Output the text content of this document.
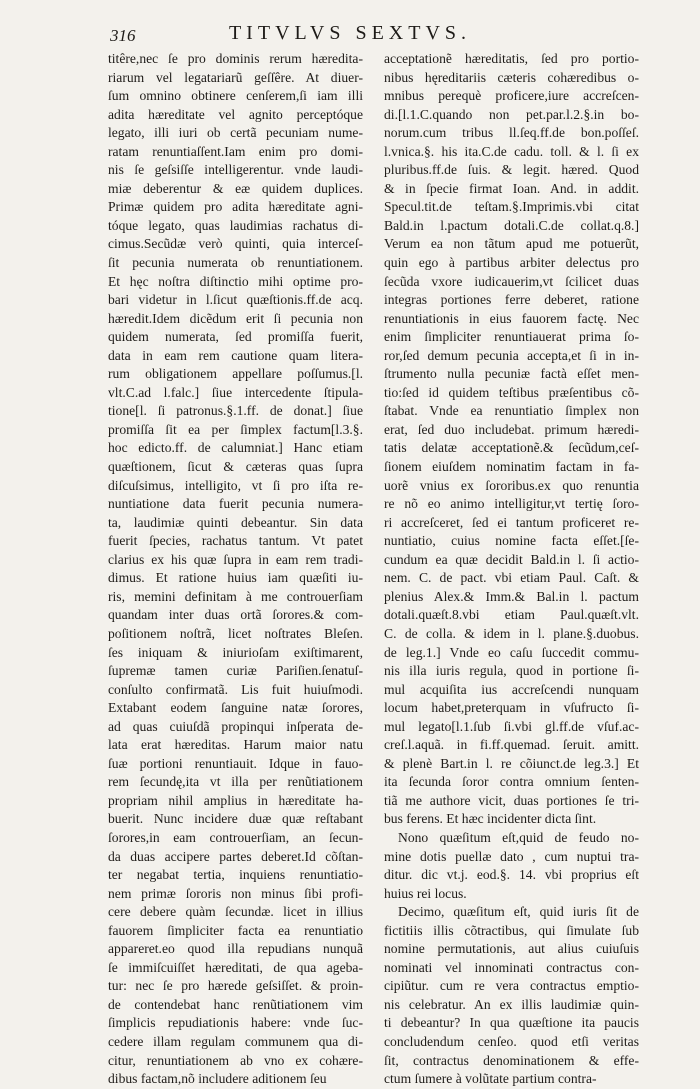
316	TITVLVS SEXTVS.
titêre,nec ſe pro dominis rerum hæredita-
riarum vel legatariarũ geſſêre. At diuer-
ſum omnino obtinere cenſerem,ſi iam illi
adita hæreditate vel agnito perceptóque
legato, illi iuri ob certã pecuniam nume-
ratam renuntiaſſent.Iam enim pro domi-
nis ſe geſsiſſe intelligerentur. vnde laudi-
miæ deberentur & eæ quidem duplices.
Primæ quidem pro adita hæreditate agni-
tóque legato, quas laudimias rachatus di-
cimus.Secũdæ verò quinti, quia interceſ-
ſit pecunia numerata ob renuntiationem.
Et hęc noſtra diſtinctio mihi optime pro-
bari videtur in l.ſicut quæſtionis.ff.de acq.
hæredit.Idem dicẽdum erit ſi pecunia non
quidem numerata, ſed promiſſa fuerit,
data in eam rem cautione quam litera-
rum obligationem appellare poſſumus.[l.
vlt.C.ad l.falc.] ſiue intercedente ſtipula-
tione[l. ſi patronus.§.1.ff. de donat.] ſiue
promiſſa ſit ea per ſimplex factum[l.3.§.
hoc edicto.ff. de calumniat.] Hanc etiam
quæſtionem, ſicut & cæteras quas ſupra
diſcuſsimus, intelligito, vt ſi pro iſta re-
nuntiatione data fuerit pecunia numera-
ta, laudimiæ quinti debeantur. Sin data
fuerit ſpecies, rachatus tantum. Vt patet
clarius ex his quæ ſupra in eam rem tradi-
dimus. Et ratione huius iam quæſiti iu-
ris, memini definitam à me controuerſiam
quandam inter duas ortã ſorores.& com-
poſitionem noſtrã, licet noſtrates Bleſen.
ſes iniquam & iniurioſam exiſtimarent,
ſupremæ tamen curiæ Pariſien.ſenatuſ-
conſulto confirmatã. Lis fuit huiuſmodi.
Extabant eodem ſanguine natæ ſorores,
ad quas cuiuſdã propinqui inſperata de-
lata erat hæreditas. Harum maior natu
ſuæ portioni renuntiauit. Idque in fauo-
rem ſecundę,ita vt illa per renũtiationem
propriam nihil amplius in hæreditate ha-
buerit. Nunc incidere duæ quæ reſtabant
ſorores,in eam controuerſiam, an ſecun-
da duas accipere partes deberet.Id cõſtan-
ter negabat tertia, inquiens renuntiatio-
nem primæ ſororis non minus ſibi profi-
cere debere quàm ſecundæ. licet in illius
fauorem ſimpliciter facta ea renuntiatio
appareret.eo quod illa repudians nunquã
ſe immiſcuiſſet hæreditati, de qua ageba-
tur: nec ſe pro hærede geſsiſſet. & proin-
de contendebat hanc renũtiationem vim
ſimplicis repudiationis habere: vnde ſuc-
cedere illam regulam communem qua di-
citur, renuntiationem ab vno ex cohære-
dibus factam,nõ includere aditionem ſeu
acceptationẽ hæreditatis, ſed pro portio-
nibus hęreditariis cæteris cohæredibus o-
mnibus perequè proficere,iure accreſcen-
di.[l.1.C.quando non pet.par.l.2.§.in bo-
norum.cum tribus ll.ſeq.ff.de bon.poſſeſ.
l.vnica.§. his ita.C.de cadu. toll. & l. ſi ex
pluribus.ff.de ſuis. & legit. hæred. Quod
& in ſpecie firmat Ioan. And. in addit.
Specul.tit.de teſtam.§.Imprimis.vbi citat
Bald.in l.pactum dotali.C.de collat.q.8.]
Verum ea non tãtum apud me potuerũt,
quin ego à partibus arbiter delectus pro
ſecũda vxore iudicauerim,vt ſcilicet duas
integras portiones ferre deberet, ratione
renuntiationis in eius fauorem factę. Nec
enim ſimpliciter renuntiauerat prima ſo-
ror,ſed demum pecunia accepta,et ſi in in-
ſtrumento nulla pecuniæ factà eſſet men-
tio:ſed id quidem teſtibus præſentibus cõ-
ſtabat. Vnde ea renuntiatio ſimplex non
erat, ſed duo includebat. primum hæredi-
tatis delatæ acceptationẽ.& ſecũdum,ceſ-
ſionem eiuſdem nominatim factam in fa-
uorẽ vnius ex ſororibus.ex quo renuntia
re nõ eo animo intelligitur,vt tertię ſoro-
ri accreſceret, ſed ei tantum proficeret re-
nuntiatio, cuius nomine facta eſſet.[ſe-
cundum ea quæ decidit Bald.in l. ſi actio-
nem. C. de pact. vbi etiam Paul. Caſt. &
plenius Alex.& Imm.& Bal.in l. pactum
dotali.quæſt.8.vbi etiam Paul.quæſt.vlt.
C. de colla. & idem in l. plane.§.duobus.
de leg.1.] Vnde eo caſu ſuccedit commu-
nis illa iuris regula, quod in portione ſi-
mul acquiſita ius accreſcendi nunquam
locum habet,preterquam in vſufructo ſi-
mul legato[l.1.ſub ſi.vbi gl.ff.de vſuf.ac-
creſ.l.aquã. in fi.ff.quemad. ſeruit. amitt.
& plenè Bart.in l. re cõiunct.de leg.3.] Et
ita ſecunda ſoror contra omnium ſenten-
tiã me authore vicit, duas portiones ſe tri-
bus ferens. Et hæc incidenter dicta ſint.
Nono quæſitum eſt,quid de feudo no-
mine dotis puellæ dato , cum nuptui tra-
ditur. dic vt.j. eod.§. 14. vbi proprius eſt
huius rei locus.
Decimo, quæſitum eſt, quid iuris ſit de
fictitiis illis cõtractibus, qui ſimulate ſub
nomine permutationis, aut alius cuiuſuis
nominati vel innominati contractus con-
cipiũtur. cum re vera contractus emptio-
nis celebratur. An ex illis laudimiæ quin-
ti debeantur? In qua quæſtione ita paucis
concludendum cenſeo. quod etſi veritas
ſit, contractus denominationem & effe-
ctum ſumere à volũtate partium contra-
